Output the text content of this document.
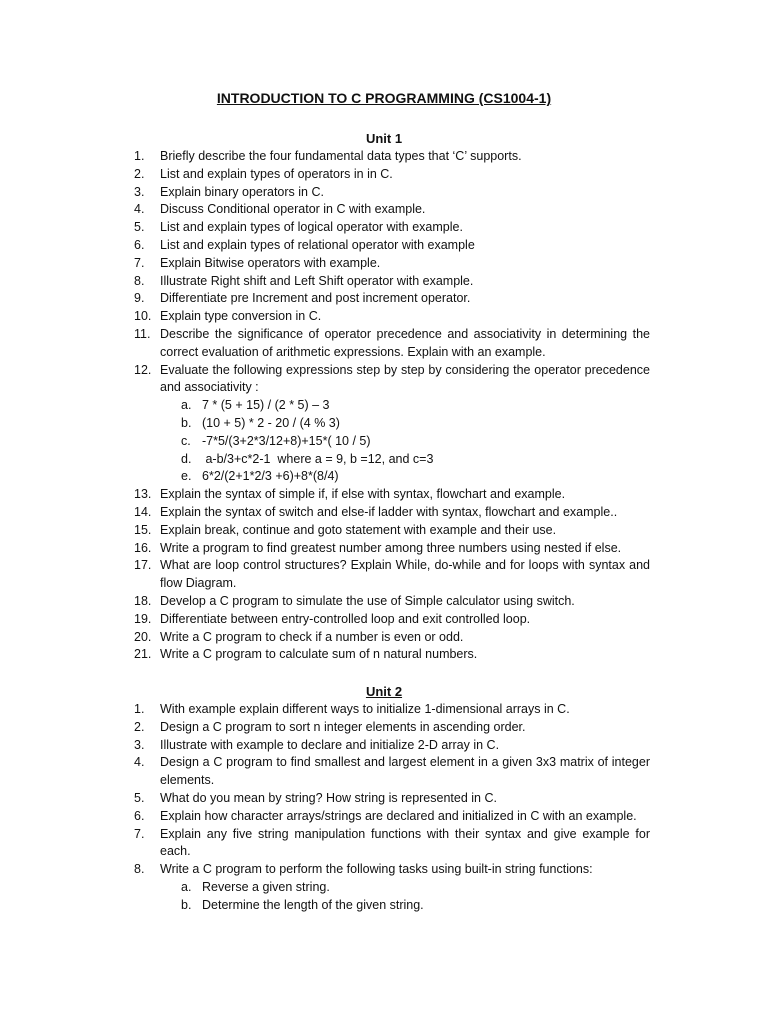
INTRODUCTION TO C PROGRAMMING (CS1004-1)
Unit 1
1.	Briefly describe the four fundamental data types that ‘C’ supports.
2.	List and explain types of operators in in C.
3.	Explain binary operators in C.
4.	Discuss Conditional operator in C with example.
5.	List and explain types of logical operator with example.
6.	List and explain types of relational operator with example
7.	Explain Bitwise operators with example.
8.	Illustrate Right shift and Left Shift operator with example.
9.	Differentiate pre Increment and post increment operator.
10. Explain type conversion in C.
11. Describe the significance of operator precedence and associativity in determining the correct evaluation of arithmetic expressions. Explain with an example.
12. Evaluate the following expressions step by step by considering the operator precedence and associativity :
a. 7 * (5 + 15) / (2 * 5) – 3
b. (10 + 5) * 2 - 20 / (4 % 3)
c. -7*5/(3+2*3/12+8)+15*( 10 / 5)
d. a-b/3+c*2-1  where a = 9, b =12, and c=3
e. 6*2/(2+1*2/3 +6)+8*(8/4)
13. Explain the syntax of simple if, if else with syntax, flowchart and example.
14. Explain the syntax of switch and else-if ladder with syntax, flowchart and example..
15. Explain break, continue and goto statement with example and their use.
16. Write a program to find greatest number among three numbers using nested if else.
17. What are loop control structures? Explain While, do-while and for loops with syntax and flow Diagram.
18. Develop a C program to simulate the use of Simple calculator using switch.
19. Differentiate between entry-controlled loop and exit controlled loop.
20. Write a C program to check if a number is even or odd.
21. Write a C program to calculate sum of n natural numbers.
Unit 2
1.	With example explain different ways to initialize 1-dimensional arrays in C.
2.	Design a C program to sort n integer elements in ascending order.
3.	Illustrate with example to declare and initialize 2-D array in C.
4.	Design a C program to find smallest and largest element in a given 3x3 matrix of integer elements.
5.	What do you mean by string? How string is represented in C.
6.	Explain how character arrays/strings are declared and initialized in C with an example.
7.	Explain any five string manipulation functions with their syntax and give example for each.
8.	Write a C program to perform the following tasks using built-in string functions:
a. Reverse a given string.
b. Determine the length of the given string.
